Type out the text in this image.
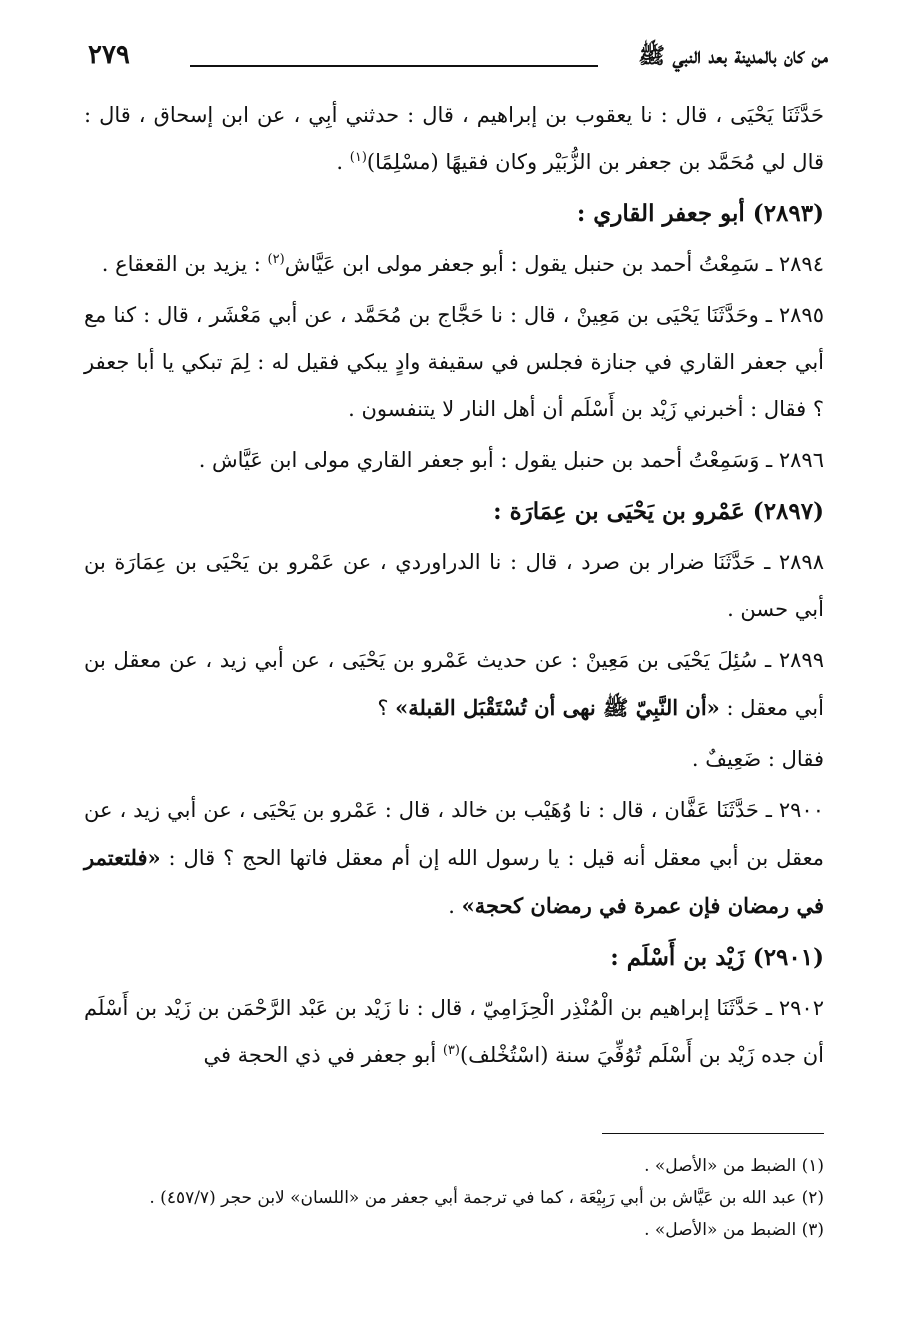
من كان بالمدينة بعد النبي ﷺ
٢٧٩

حَدَّثَنَا يَحْيَى ، قال : نا يعقوب بن إبراهيم ، قال : حدثني أبِي ، عن ابن إسحاق ، قال : قال لي مُحَمَّد بن جعفر بن الزُّبَيْر وكان فقيهًا (مسْلِمًا)$^{(١)}$ .

(٢٨٩٣) أبو جعفر القاري :

٢٨٩٤ ـ سَمِعْتُ أحمد بن حنبل يقول : أبو جعفر مولى ابن عَيَّاش$^{(٢)}$ : يزيد بن القعقاع .

٢٨٩٥ ـ وحَدَّثَنَا يَحْيَى بن مَعِينْ ، قال : نا حَجَّاج بن مُحَمَّد ، عن أبي مَعْشَر ، قال : كنا مع أبي جعفر القاري في جنازة فجلس في سقيفة وادٍ يبكي فقيل له : لِمَ تبكي يا أبا جعفر ؟ فقال : أخبرني زَيْد بن أَسْلَم أن أهل النار لا يتنفسون .

٢٨٩٦ ـ وَسَمِعْتُ أحمد بن حنبل يقول : أبو جعفر القاري مولى ابن عَيَّاش .

(٢٨٩٧) عَمْرو بن يَحْيَى بن عِمَارَة :

٢٨٩٨ ـ حَدَّثَنَا ضرار بن صرد ، قال : نا الدراوردي ، عن عَمْرو بن يَحْيَى بن عِمَارَة بن أبي حسن .

٢٨٩٩ ـ سُئِلَ يَحْيَى بن مَعِينْ : عن حديث عَمْرو بن يَحْيَى ، عن أبي زيد ، عن معقل بن أبي معقل : «أن النَّبِيّ ﷺ نهى أن تُسْتَقْبَل القبلة» ؟

فقال : ضَعِيفٌ .

٢٩٠٠ ـ حَدَّثَنَا عَفَّان ، قال : نا وُهَيْب بن خالد ، قال : عَمْرو بن يَحْيَى ، عن أبي زيد ، عن معقل بن أبي معقل أنه قيل : يا رسول الله إن أم معقل فاتها الحج ؟ قال : «فلتعتمر في رمضان فإن عمرة في رمضان كحجة» .

(٢٩٠١) زَيْد بن أَسْلَم :

٢٩٠٢ ـ حَدَّثَنَا إبراهيم بن الْمُنْذِر الْحِزَامِيّ ، قال : نا زَيْد بن عَبْد الرَّحْمَن بن زَيْد بن أَسْلَم أن جده زَيْد بن أَسْلَم تُوُفِّيَ سنة (اسْتُخْلف)$^{(٣)}$ أبو جعفر في ذي الحجة في

(١) الضبط من «الأصل» .

(٢) عبد الله بن عَيَّاش بن أبي رَبِيْعَة ، كما في ترجمة أبي جعفر من «اللسان» لابن حجر (٤٥٧/٧) .

(٣) الضبط من «الأصل» .
